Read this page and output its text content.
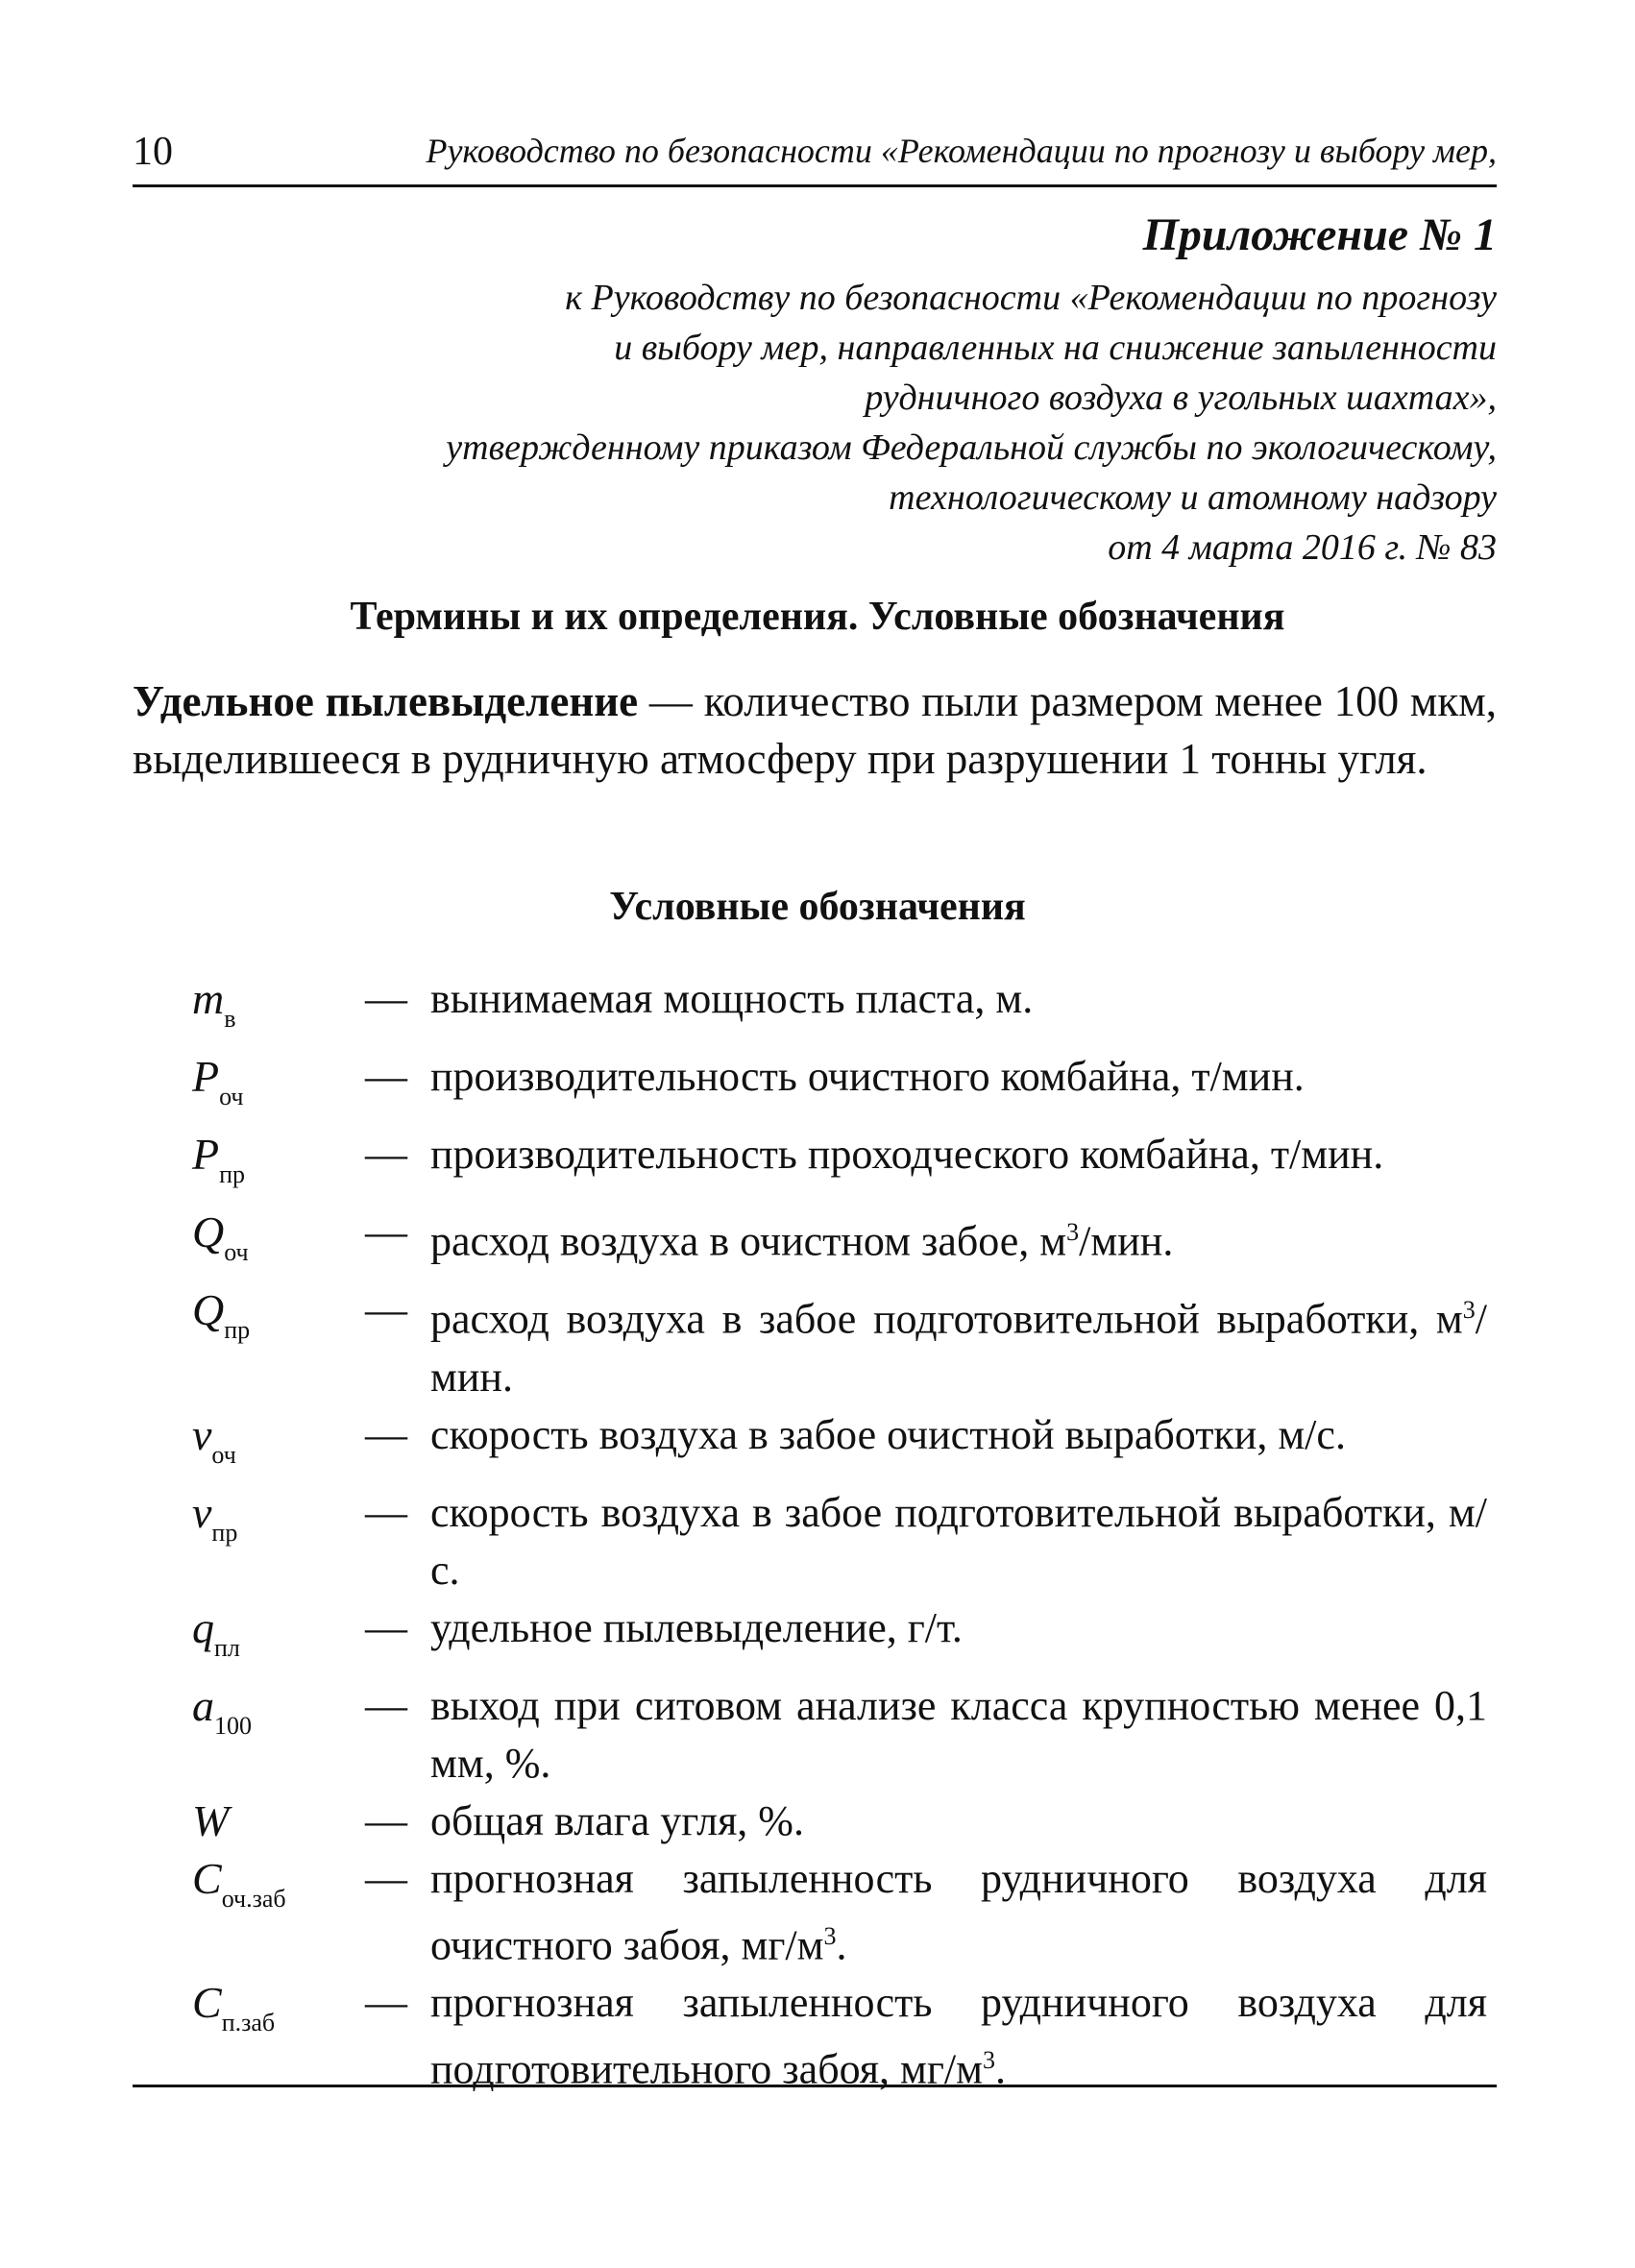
10	Руководство по безопасности «Рекомендации по прогнозу и выбору мер,
Приложение № 1
к Руководству по безопасности «Рекомендации по прогнозу
и выбору мер, направленных на снижение запыленности
рудничного воздуха в угольных шахтах»,
утвержденному приказом Федеральной службы по экологическому,
технологическому и атомному надзору
от 4 марта 2016 г. № 83
Термины и их определения. Условные обозначения

Удельное пылевыделение — количество пыли размером менее 100 мкм, выделившееся в рудничную атмосферу при разрушении 1 тонны угля.

Условные обозначения
$m_в$	— вынимаемая мощность пласта, м.
$P_{оч}$	— производительность очистного комбайна, т/мин.
$P_{пр}$	— производительность проходческого комбайна, т/мин.
$Q_{оч}$	— расход воздуха в очистном забое, $м^3$/мин.
$Q_{пр}$	— расход воздуха в забое подготовительной выработки, $м^3$/мин.
$v_{оч}$	— скорость воздуха в забое очистной выработки, м/с.
$v_{пр}$	— скорость воздуха в забое подготовительной выработки, м/с.
$q_{пл}$	— удельное пылевыделение, г/т.
$a_{100}$	— выход при ситовом анализе класса крупностью менее 0,1 мм, %.
W	— общая влага угля, %.
$C_{оч.заб}$	— прогнозная запыленность рудничного воздуха для очистного забоя, $мг/м^3$.
$C_{п.заб}$	— прогнозная запыленность рудничного воздуха для подготовительного забоя, $мг/м^3$.
